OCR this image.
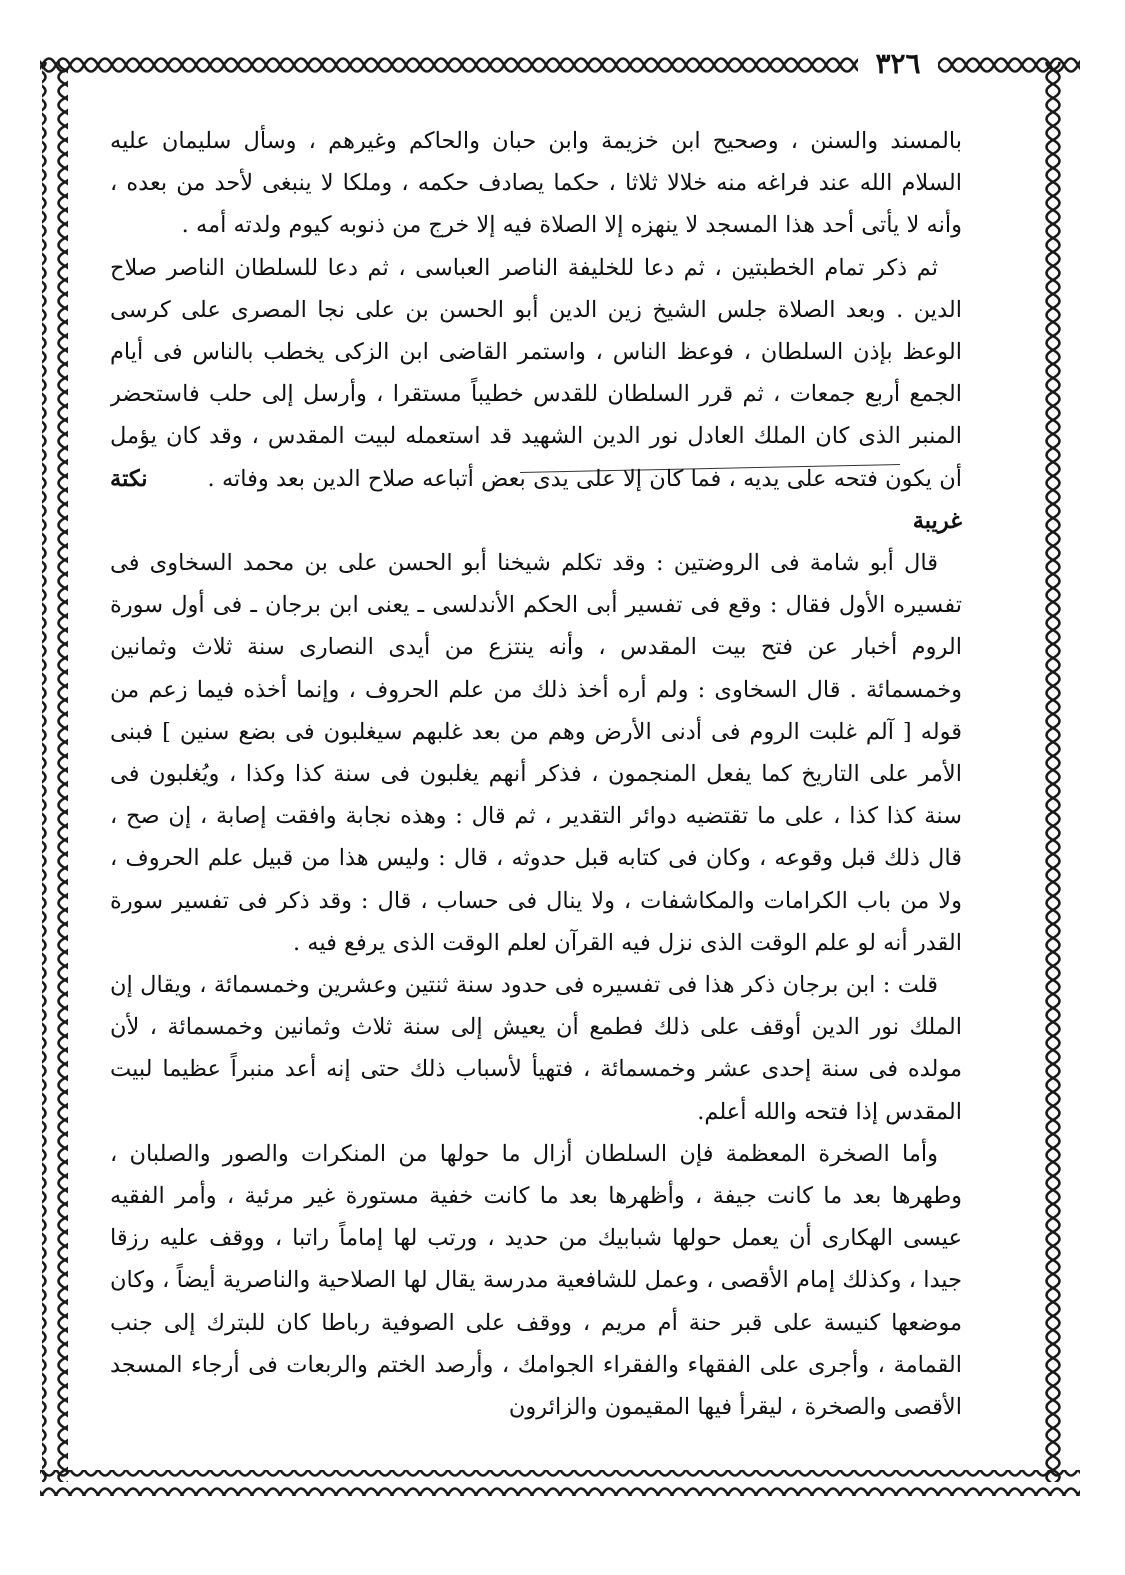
٣٢٦

بالمسند والسنن ، وصحيح ابن خزيمة وابن حبان والحاكم وغيرهم ، وسأل سليمان عليه السلام الله عند فراغه منه خلالا ثلاثا ، حكما يصادف حكمه ، وملكا لا ينبغى لأحد من بعده ، وأنه لا يأتى أحد هذا المسجد لا ينهزه إلا الصلاة فيه إلا خرج من ذنوبه كيوم ولدته أمه .

ثم ذكر تمام الخطبتين ، ثم دعا للخليفة الناصر العباسى ، ثم دعا للسلطان الناصر صلاح الدين . وبعد الصلاة جلس الشيخ زين الدين أبو الحسن بن على نجا المصرى على كرسى الوعظ بإذن السلطان ، فوعظ الناس ، واستمر القاضى ابن الزكى يخطب بالناس فى أيام الجمع أربع جمعات ، ثم قرر السلطان للقدس خطيباً مستقرا ، وأرسل إلى حلب فاستحضر المنبر الذى كان الملك العادل نور الدين الشهيد قد استعمله لبيت المقدس ، وقد كان يؤمل أن يكون فتحه على يديه ، فما كان إلا على يدى بعض أتباعه صلاح الدين بعد وفاته .نكتة غريبة

قال أبو شامة فى الروضتين : وقد تكلم شيخنا أبو الحسن على بن محمد السخاوى فى تفسيره الأول فقال : وقع فى تفسير أبى الحكم الأندلسى ـ يعنى ابن برجان ـ فى أول سورة الروم أخبار عن فتح بيت المقدس ، وأنه ينتزع من أيدى النصارى سنة ثلاث وثمانين وخمسمائة . قال السخاوى : ولم أره أخذ ذلك من علم الحروف ، وإنما أخذه فيما زعم من قوله [ آلم غلبت الروم فى أدنى الأرض وهم من بعد غلبهم سيغلبون فى بضع سنين ] فبنى الأمر على التاريخ كما يفعل المنجمون ، فذكر أنهم يغلبون فى سنة كذا وكذا ، ويُغلبون فى سنة كذا كذا ، على ما تقتضيه دوائر التقدير ، ثم قال : وهذه نجابة وافقت إصابة ، إن صح ، قال ذلك قبل وقوعه ، وكان فى كتابه قبل حدوثه ، قال : وليس هذا من قبيل علم الحروف ، ولا من باب الكرامات والمكاشفات ، ولا ينال فى حساب ، قال : وقد ذكر فى تفسير سورة القدر أنه لو علم الوقت الذى نزل فيه القرآن لعلم الوقت الذى يرفع فيه .

قلت : ابن برجان ذكر هذا فى تفسيره فى حدود سنة ثنتين وعشرين وخمسمائة ، ويقال إن الملك نور الدين أوقف على ذلك فطمع أن يعيش إلى سنة ثلاث وثمانين وخمسمائة ، لأن مولده فى سنة إحدى عشر وخمسمائة ، فتهيأ لأسباب ذلك حتى إنه أعد منبراً عظيما لبيت المقدس إذا فتحه والله أعلم.

وأما الصخرة المعظمة فإن السلطان أزال ما حولها من المنكرات والصور والصلبان ، وطهرها بعد ما كانت جيفة ، وأظهرها بعد ما كانت خفية مستورة غير مرئية ، وأمر الفقيه عيسى الهكارى أن يعمل حولها شبابيك من حديد ، ورتب لها إماماً راتبا ، ووقف عليه رزقا جيدا ، وكذلك إمام الأقصى ، وعمل للشافعية مدرسة يقال لها الصلاحية والناصرية أيضاً ، وكان موضعها كنيسة على قبر حنة أم مريم ، ووقف على الصوفية رباطا كان للبترك إلى جنب القمامة ، وأجرى على الفقهاء والفقراء الجوامك ، وأرصد الختم والربعات فى أرجاء المسجد الأقصى والصخرة ، ليقرأ فيها المقيمون والزائرون
